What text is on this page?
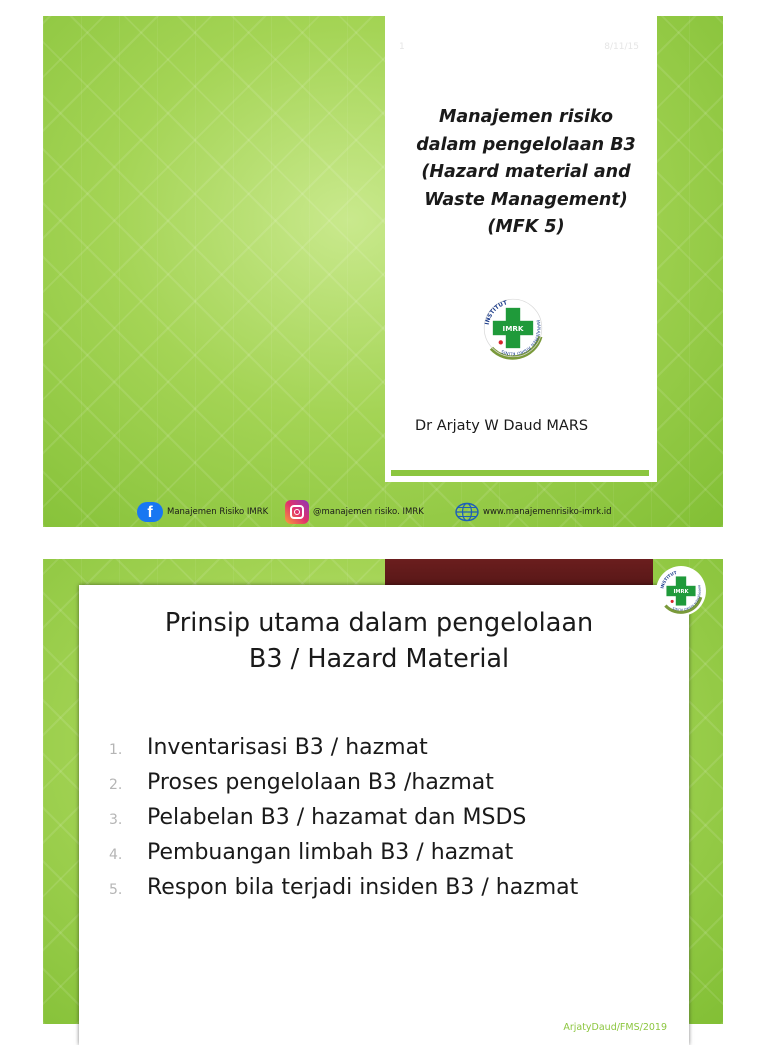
1	8/11/15
Manajemen risiko
dalam pengelolaan B3
(Hazard material and
Waste Management)
(MFK 5)
INSTITUT
MANAJEMEN RISIKO KLINIS
IMRK
Dr Arjaty W Daud MARS
f	Manajemen Risiko IMRK	@manajemen risiko. IMRK	www.manajemenrisiko-imrk.id
Prinsip utama dalam pengelolaan
B3 / Hazard Material
1.	Inventarisasi B3 / hazmat
2.	Proses pengelolaan B3 /hazmat
3.	Pelabelan B3 / hazamat dan MSDS
4.	Pembuangan limbah B3 / hazmat
5.	Respon bila terjadi insiden B3 / hazmat
ArjatyDaud/FMS/2019
INSTITUT
MANAJEMEN RISIKO KLINIS
IMRK
